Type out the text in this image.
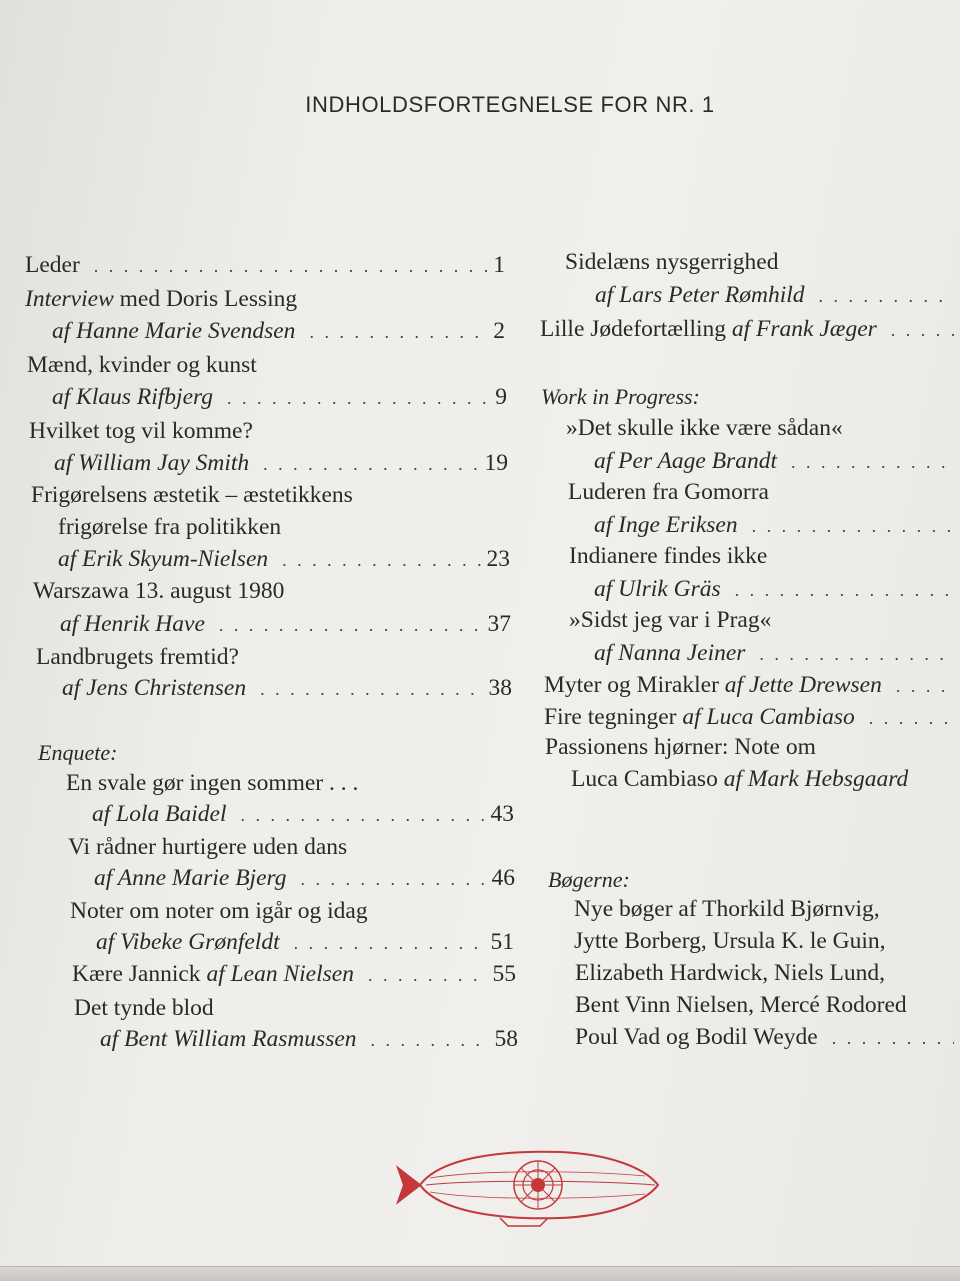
INDHOLDSFORTEGNELSE FOR NR. 1
Leder . . .	1
Interview med Doris Lessing
af Hanne Marie Svendsen . . .	2
Mænd, kvinder og kunst
af Klaus Rifbjerg . . .	9
Hvilket tog vil komme?
af William Jay Smith . . .	19
Frigørelsens æstetik – æstetikkens
frigørelse fra politikken
af Erik Skyum-Nielsen . . .	23
Warszawa 13. august 1980
af Henrik Have . . .	37
Landbrugets fremtid?
af Jens Christensen . . .	38
Enquete:
En svale gør ingen sommer . . .
af Lola Baidel . . .	43
Vi rådner hurtigere uden dans
af Anne Marie Bjerg . . .	46
Noter om noter om igår og idag
af Vibeke Grønfeldt . . .	51
Kære Jannick af Lean Nielsen . . .	55
Det tynde blod
af Bent William Rasmussen . . .	58
Sidelæns nysgerrighed
af Lars Peter Rømhild
. . .
Lille Jødefortælling af Frank Jæger
. . .
Work in Progress:
»Det skulle ikke være sådan«
af Per Aage Brandt
. . .
Luderen fra Gomorra
af Inge Eriksen
. . .
Indianere findes ikke
af Ulrik Gräs
. . .
»Sidst jeg var i Prag«
af Nanna Jeiner
. . .
Myter og Mirakler af Jette Drewsen
. . .
Fire tegninger af Luca Cambiaso
. . .
Passionens hjørner: Note om
Luca Cambiaso af Mark Hebsgaard
Bøgerne:
Nye bøger af Thorkild Bjørnvig,
Jytte Borberg, Ursula K. le Guin,
Elizabeth Hardwick, Niels Lund,
Bent Vinn Nielsen, Mercé Rodored
Poul Vad og Bodil Weyde
. . .
